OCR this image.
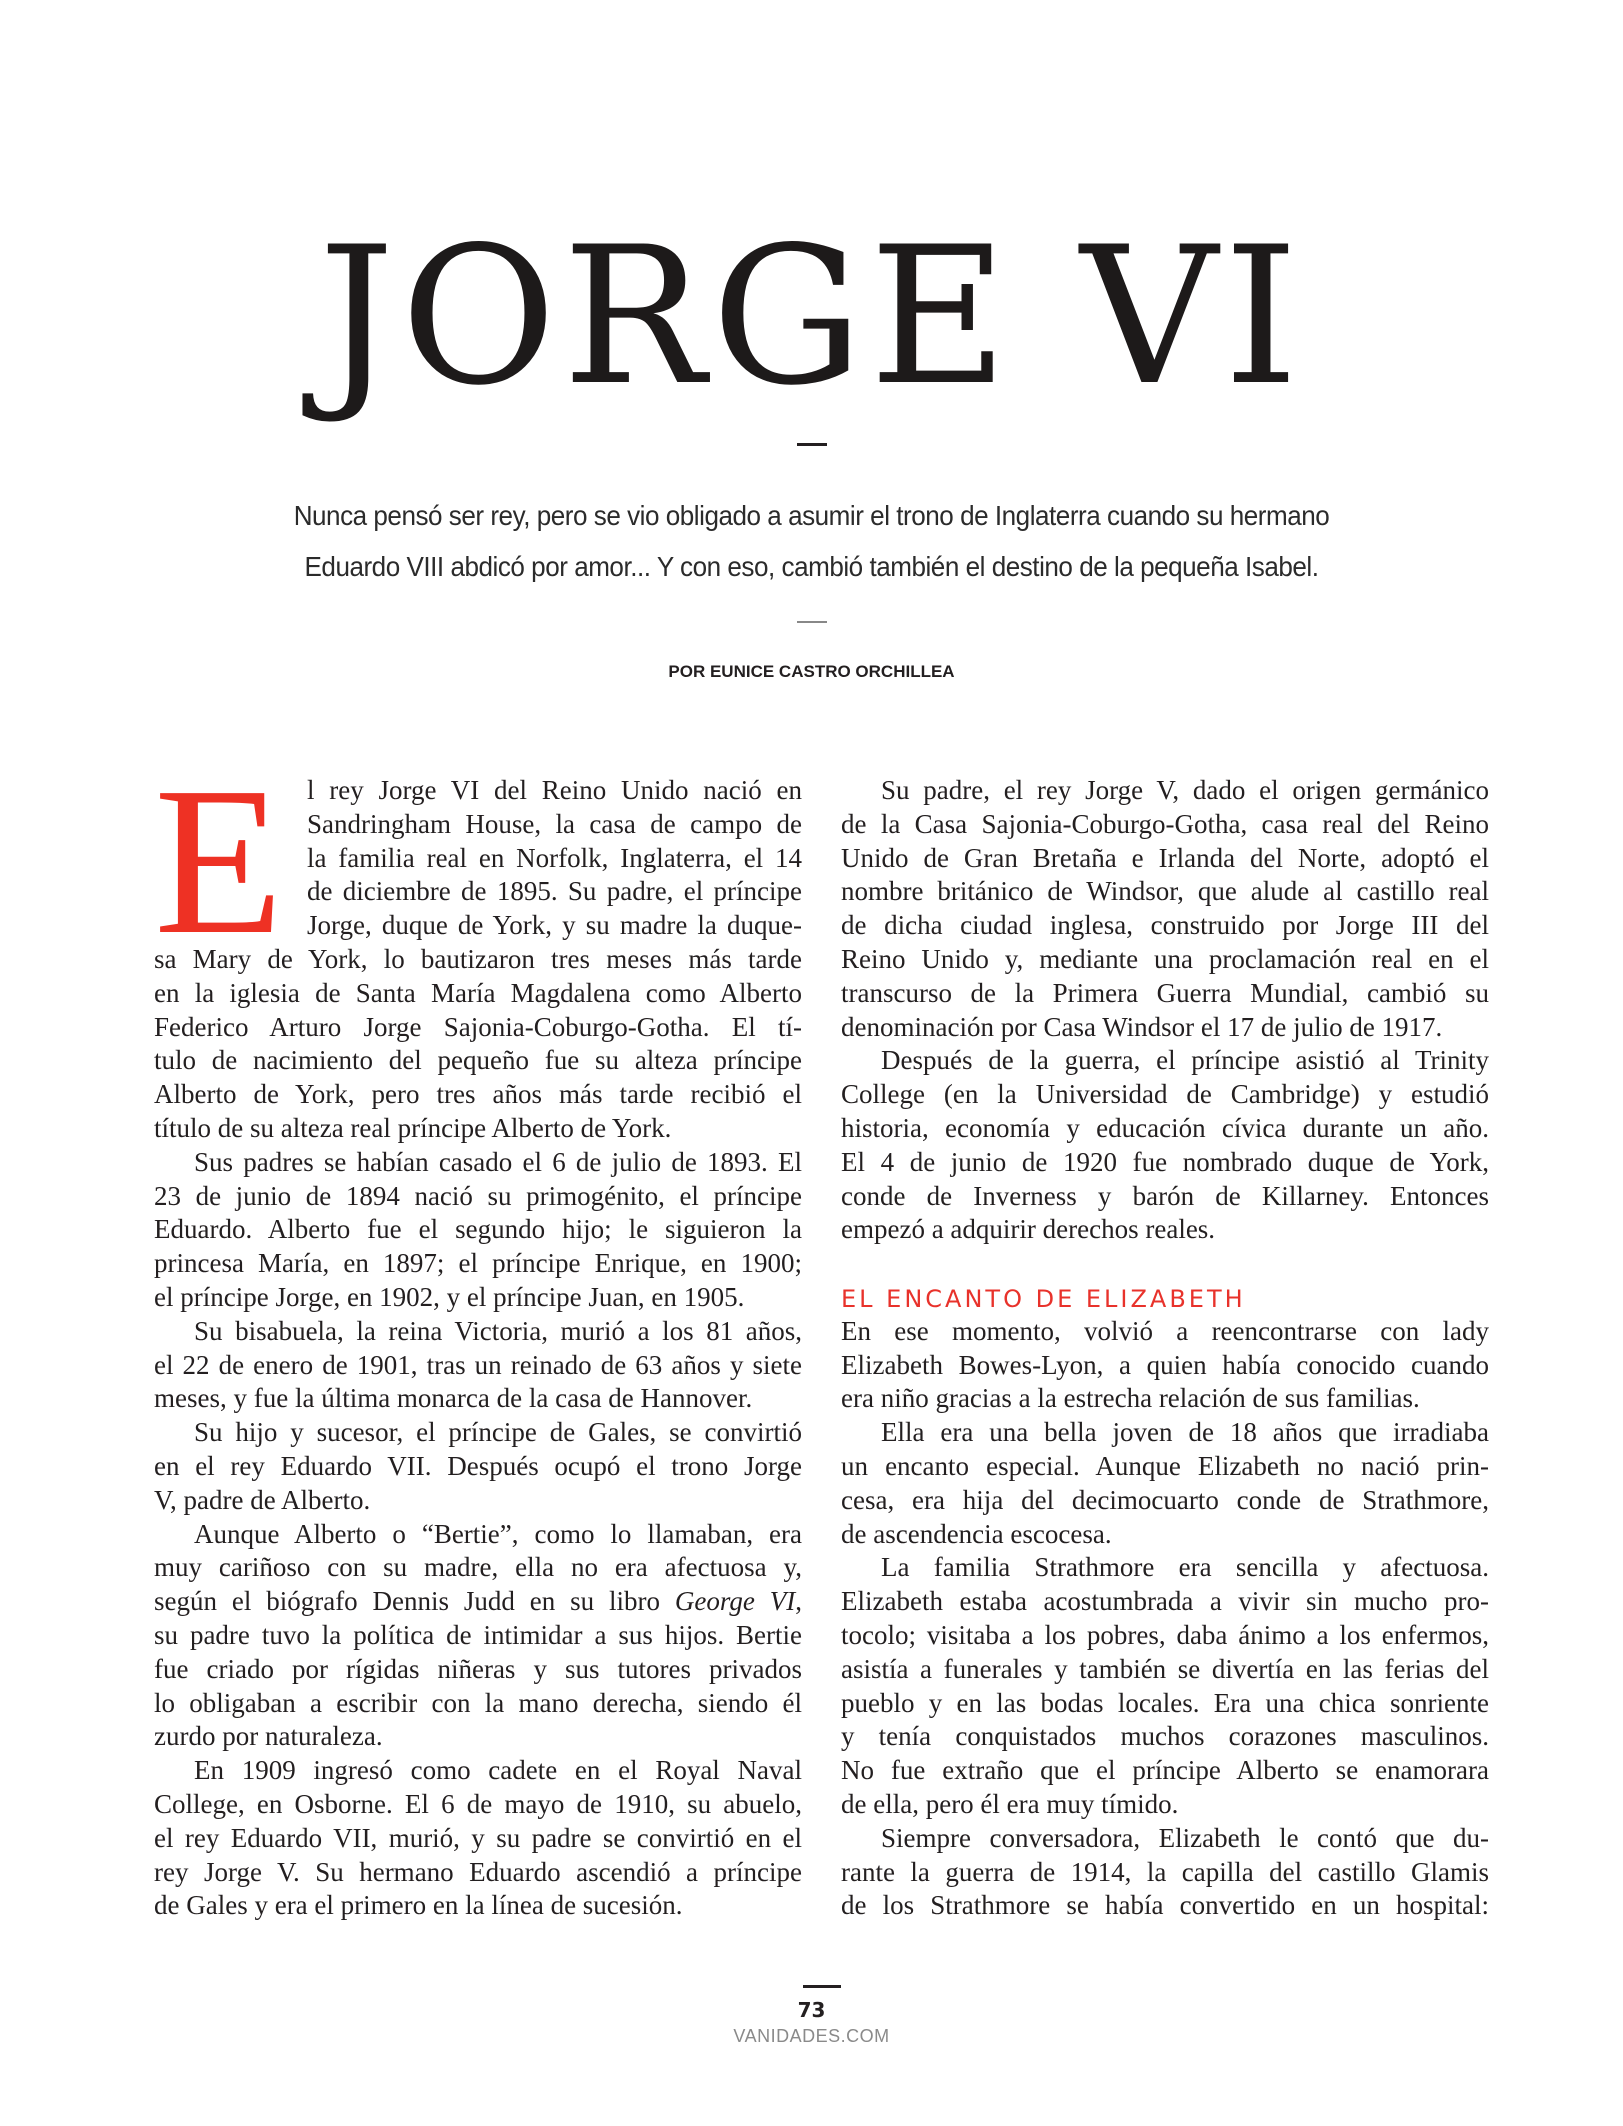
JORGE VI
Nunca pensó ser rey, pero se vio obligado a asumir el trono de Inglaterra cuando su hermano
Eduardo VIII abdicó por amor... Y con eso, cambió también el destino de la pequeña Isabel.
POR EUNICE CASTRO ORCHILLEA
l rey Jorge VI del Reino Unido nació en
Sandringham House, la casa de campo de
la familia real en Norfolk, Inglaterra, el 14
de diciembre de 1895. Su padre, el príncipe
Jorge, duque de York, y su madre la duque-
sa Mary de York, lo bautizaron tres meses más tarde
en la iglesia de Santa María Magdalena como Alberto
Federico Arturo Jorge Sajonia-Coburgo-Gotha. El tí-
tulo de nacimiento del pequeño fue su alteza príncipe
Alberto de York, pero tres años más tarde recibió el
título de su alteza real príncipe Alberto de York.
E
Sus padres se habían casado el 6 de julio de 1893. El
23 de junio de 1894 nació su primogénito, el príncipe
Eduardo. Alberto fue el segundo hijo; le siguieron la
princesa María, en 1897; el príncipe Enrique, en 1900;
el príncipe Jorge, en 1902, y el príncipe Juan, en 1905.
Su bisabuela, la reina Victoria, murió a los 81 años,
el 22 de enero de 1901, tras un reinado de 63 años y siete
meses, y fue la última monarca de la casa de Hannover.
Su hijo y sucesor, el príncipe de Gales, se convirtió
en el rey Eduardo VII. Después ocupó el trono Jorge
V, padre de Alberto.
Aunque Alberto o “Bertie”, como lo llamaban, era
muy cariñoso con su madre, ella no era afectuosa y,
según el biógrafo Dennis Judd en su libro George VI,
su padre tuvo la política de intimidar a sus hijos. Bertie
fue criado por rígidas niñeras y sus tutores privados
lo obligaban a escribir con la mano derecha, siendo él
zurdo por naturaleza.
En 1909 ingresó como cadete en el Royal Naval
College, en Osborne. El 6 de mayo de 1910, su abuelo,
el rey Eduardo VII, murió, y su padre se convirtió en el
rey Jorge V. Su hermano Eduardo ascendió a príncipe
de Gales y era el primero en la línea de sucesión.
Su padre, el rey Jorge V, dado el origen germánico
de la Casa Sajonia-Coburgo-Gotha, casa real del Reino
Unido de Gran Bretaña e Irlanda del Norte, adoptó el
nombre británico de Windsor, que alude al castillo real
de dicha ciudad inglesa, construido por Jorge III del
Reino Unido y, mediante una proclamación real en el
transcurso de la Primera Guerra Mundial, cambió su
denominación por Casa Windsor el 17 de julio de 1917.
Después de la guerra, el príncipe asistió al Trinity
College (en la Universidad de Cambridge) y estudió
historia, economía y educación cívica durante un año.
El 4 de junio de 1920 fue nombrado duque de York,
conde de Inverness y barón de Killarney. Entonces
empezó a adquirir derechos reales.
EL ENCANTO DE ELIZABETH
En ese momento, volvió a reencontrarse con lady
Elizabeth Bowes-Lyon, a quien había conocido cuando
era niño gracias a la estrecha relación de sus familias.
Ella era una bella joven de 18 años que irradiaba
un encanto especial. Aunque Elizabeth no nació prin-
cesa, era hija del decimocuarto conde de Strathmore,
de ascendencia escocesa.
La familia Strathmore era sencilla y afectuosa.
Elizabeth estaba acostumbrada a vivir sin mucho pro-
tocolo; visitaba a los pobres, daba ánimo a los enfermos,
asistía a funerales y también se divertía en las ferias del
pueblo y en las bodas locales. Era una chica sonriente
y tenía conquistados muchos corazones masculinos.
No fue extraño que el príncipe Alberto se enamorara
de ella, pero él era muy tímido.
Siempre conversadora, Elizabeth le contó que du-
rante la guerra de 1914, la capilla del castillo Glamis
de los Strathmore se había convertido en un hospital:
73
VANIDADES.COM
